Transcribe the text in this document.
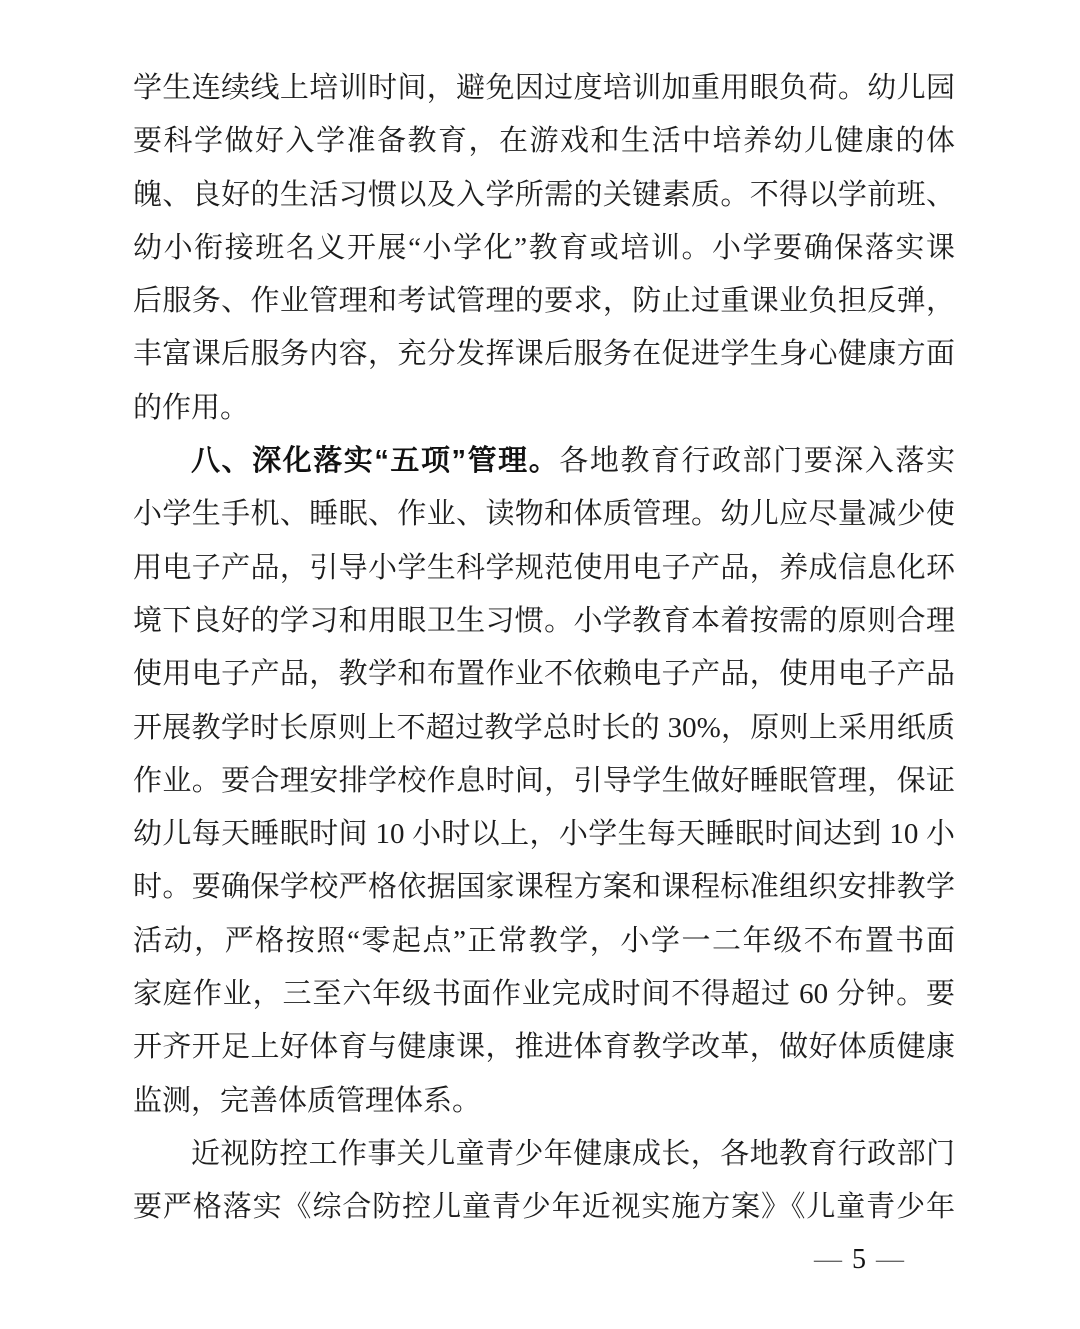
学生连续线上培训时间，避免因过度培训加重用眼负荷。幼儿园
要科学做好入学准备教育，在游戏和生活中培养幼儿健康的体
魄、良好的生活习惯以及入学所需的关键素质。不得以学前班、
幼小衔接班名义开展“小学化”教育或培训。小学要确保落实课
后服务、作业管理和考试管理的要求，防止过重课业负担反弹，
丰富课后服务内容，充分发挥课后服务在促进学生身心健康方面
的作用。
八、深化落实“五项”管理。各地教育行政部门要深入落实
小学生手机、睡眠、作业、读物和体质管理。幼儿应尽量减少使
用电子产品，引导小学生科学规范使用电子产品，养成信息化环
境下良好的学习和用眼卫生习惯。小学教育本着按需的原则合理
使用电子产品，教学和布置作业不依赖电子产品，使用电子产品
开展教学时长原则上不超过教学总时长的 30%，原则上采用纸质
作业。要合理安排学校作息时间，引导学生做好睡眠管理，保证
幼儿每天睡眠时间 10 小时以上，小学生每天睡眠时间达到 10 小
时。要确保学校严格依据国家课程方案和课程标准组织安排教学
活动，严格按照“零起点”正常教学，小学一二年级不布置书面
家庭作业，三至六年级书面作业完成时间不得超过 60 分钟。要
开齐开足上好体育与健康课，推进体育教学改革，做好体质健康
监测，完善体质管理体系。
近视防控工作事关儿童青少年健康成长，各地教育行政部门
要严格落实《综合防控儿童青少年近视实施方案》《儿童青少年
— 5 —
